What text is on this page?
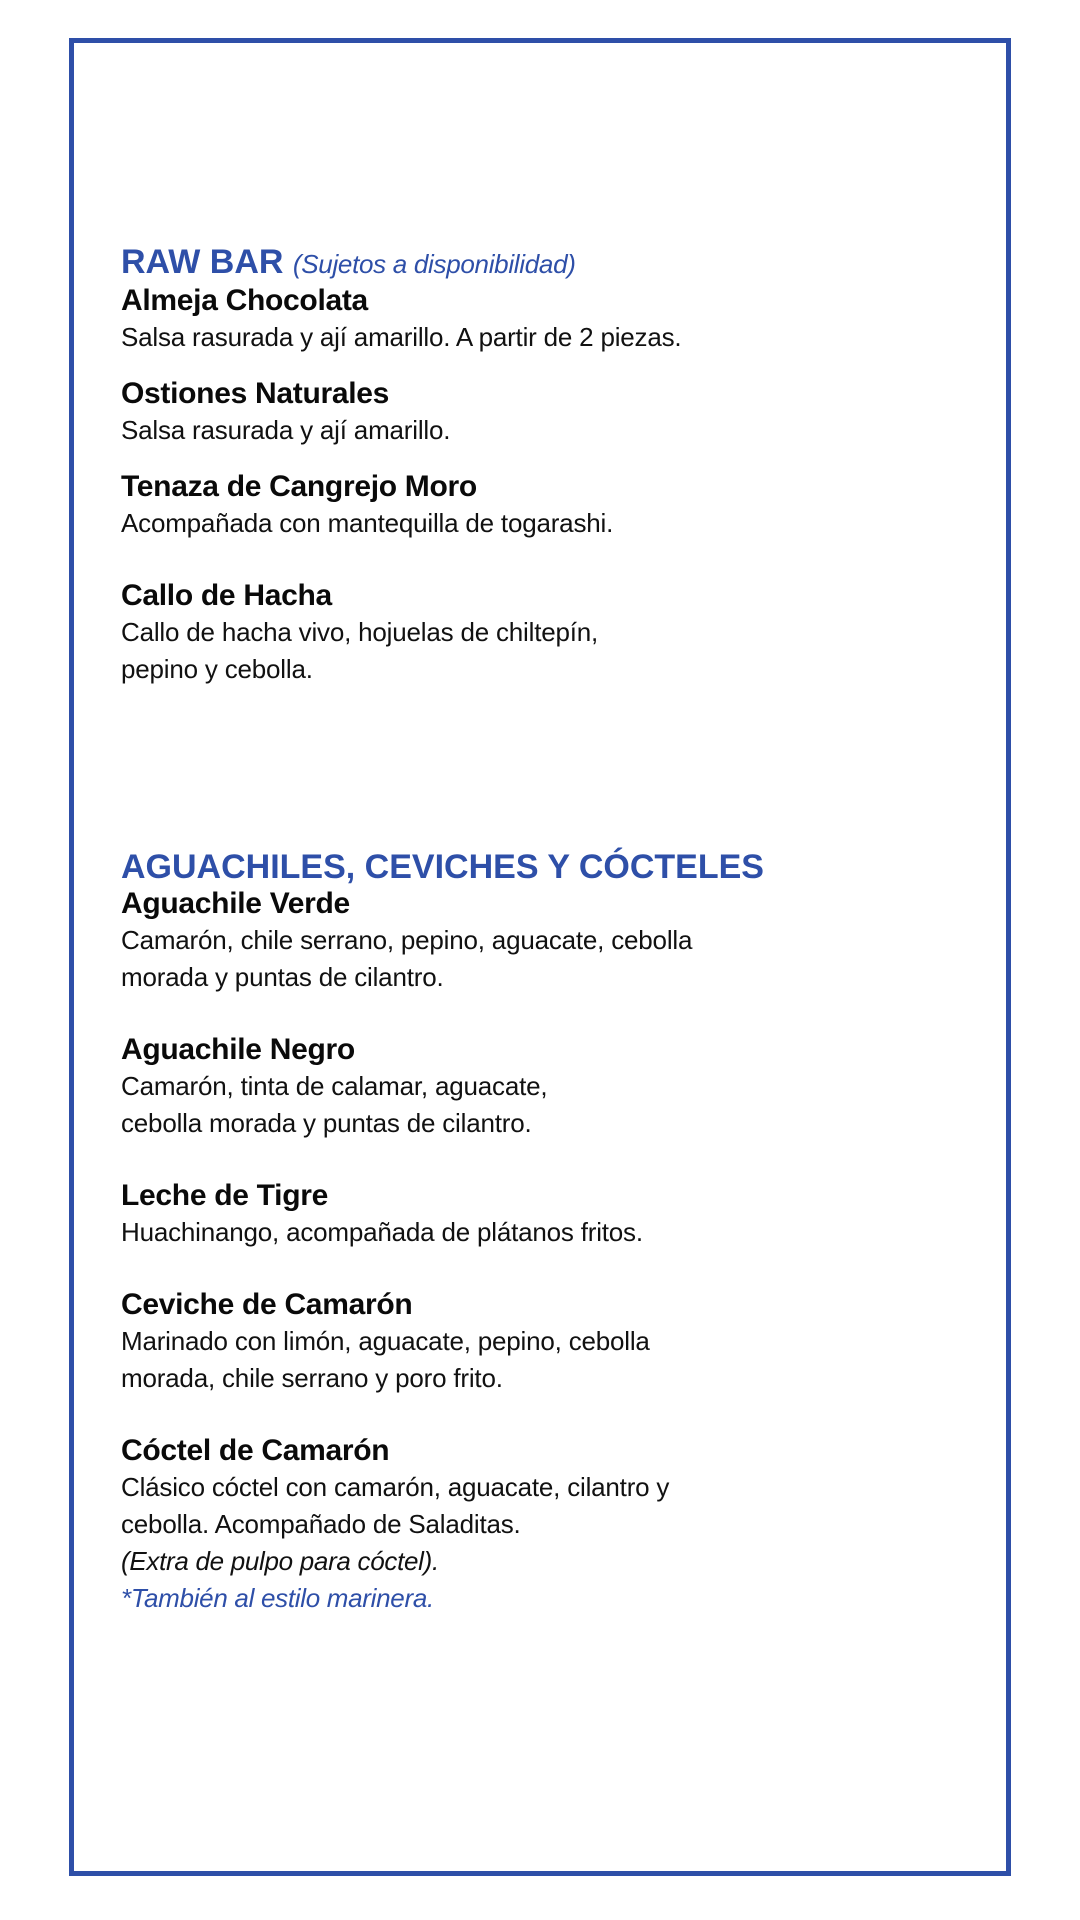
RAW BAR (Sujetos a disponibilidad)

Almeja Chocolata

Salsa rasurada y ají amarillo. A partir de 2 piezas.

Ostiones Naturales

Salsa rasurada y ají amarillo.

Tenaza de Cangrejo Moro

Acompañada con mantequilla de togarashi.

Callo de Hacha

Callo de hacha vivo, hojuelas de chiltepín,
pepino y cebolla.

AGUACHILES, CEVICHES Y CÓCTELES

Aguachile Verde

Camarón, chile serrano, pepino, aguacate, cebolla
morada y puntas de cilantro.

Aguachile Negro

Camarón, tinta de calamar, aguacate,
cebolla morada y puntas de cilantro.

Leche de Tigre

Huachinango, acompañada de plátanos fritos.

Ceviche de Camarón

Marinado con limón, aguacate, pepino, cebolla
morada, chile serrano y poro frito.

Cóctel de Camarón

Clásico cóctel con camarón, aguacate, cilantro y
cebolla. Acompañado de Saladitas.

(Extra de pulpo para cóctel).

*También al estilo marinera.
